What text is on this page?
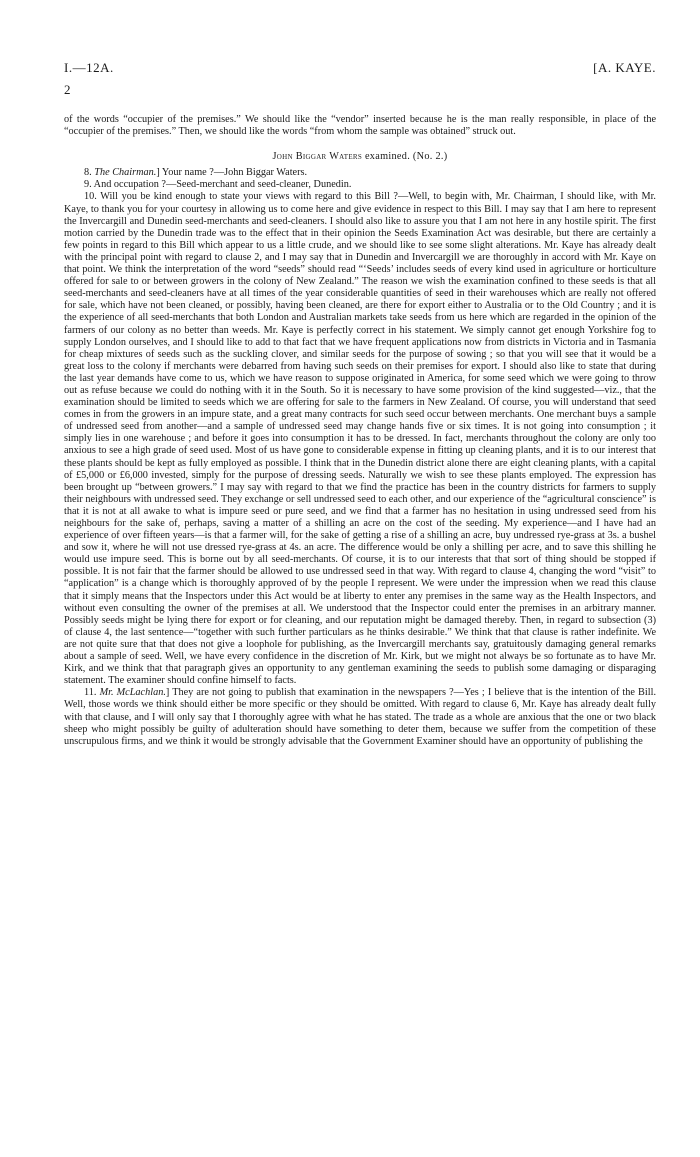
I.—12A.	[A. KAYE.
2

of the words “occupier of the premises.” We should like the “vendor” inserted because he is the man really responsible, in place of the “occupier of the premises.” Then, we should like the words “from whom the sample was obtained” struck out.

John Biggar Waters examined. (No. 2.)

8. The Chairman.] Your name ?—John Biggar Waters.

9. And occupation ?—Seed-merchant and seed-cleaner, Dunedin.

10. Will you be kind enough to state your views with regard to this Bill ?—Well, to begin with, Mr. Chairman, I should like, with Mr. Kaye, to thank you for your courtesy in allowing us to come here and give evidence in respect to this Bill. I may say that I am here to represent the Invercargill and Dunedin seed-merchants and seed-cleaners. I should also like to assure you that I am not here in any hostile spirit. The first motion carried by the Dunedin trade was to the effect that in their opinion the Seeds Examination Act was desirable, but there are certainly a few points in regard to this Bill which appear to us a little crude, and we should like to see some slight alterations. Mr. Kaye has already dealt with the principal point with regard to clause 2, and I may say that in Dunedin and Invercargill we are thoroughly in accord with Mr. Kaye on that point. We think the interpretation of the word “seeds” should read “‘Seeds’ includes seeds of every kind used in agriculture or horticulture offered for sale to or between growers in the colony of New Zealand.” The reason we wish the examination confined to these seeds is that all seed-merchants and seed-cleaners have at all times of the year considerable quantities of seed in their warehouses which are really not offered for sale, which have not been cleaned, or possibly, having been cleaned, are there for export either to Australia or to the Old Country ; and it is the experience of all seed-merchants that both London and Australian markets take seeds from us here which are regarded in the opinion of the farmers of our colony as no better than weeds. Mr. Kaye is perfectly correct in his statement. We simply cannot get enough Yorkshire fog to supply London ourselves, and I should like to add to that fact that we have frequent applications now from districts in Victoria and in Tasmania for cheap mixtures of seeds such as the suckling clover, and similar seeds for the purpose of sowing ; so that you will see that it would be a great loss to the colony if merchants were debarred from having such seeds on their premises for export. I should also like to state that during the last year demands have come to us, which we have reason to suppose originated in America, for some seed which we were going to throw out as refuse because we could do nothing with it in the South. So it is necessary to have some provision of the kind suggested—viz., that the examination should be limited to seeds which we are offering for sale to the farmers in New Zealand. Of course, you will understand that seed comes in from the growers in an impure state, and a great many contracts for such seed occur between merchants. One merchant buys a sample of undressed seed from another—and a sample of undressed seed may change hands five or six times. It is not going into consumption ; it simply lies in one warehouse ; and before it goes into consumption it has to be dressed. In fact, merchants throughout the colony are only too anxious to see a high grade of seed used. Most of us have gone to considerable expense in fitting up cleaning plants, and it is to our interest that these plants should be kept as fully employed as possible. I think that in the Dunedin district alone there are eight cleaning plants, with a capital of £5,000 or £6,000 invested, simply for the purpose of dressing seeds. Naturally we wish to see these plants employed. The expression has been brought up “between growers.” I may say with regard to that we find the practice has been in the country districts for farmers to supply their neighbours with undressed seed. They exchange or sell undressed seed to each other, and our experience of the “agricultural conscience” is that it is not at all awake to what is impure seed or pure seed, and we find that a farmer has no hesitation in using undressed seed from his neighbours for the sake of, perhaps, saving a matter of a shilling an acre on the cost of the seeding. My experience—and I have had an experience of over fifteen years—is that a farmer will, for the sake of getting a rise of a shilling an acre, buy undressed rye-grass at 3s. a bushel and sow it, where he will not use dressed rye-grass at 4s. an acre. The difference would be only a shilling per acre, and to save this shilling he would use impure seed. This is borne out by all seed-merchants. Of course, it is to our interests that that sort of thing should be stopped if possible. It is not fair that the farmer should be allowed to use undressed seed in that way. With regard to clause 4, changing the word “visit” to “application” is a change which is thoroughly approved of by the people I represent. We were under the impression when we read this clause that it simply means that the Inspectors under this Act would be at liberty to enter any premises in the same way as the Health Inspectors, and without even consulting the owner of the premises at all. We understood that the Inspector could enter the premises in an arbitrary manner. Possibly seeds might be lying there for export or for cleaning, and our reputation might be damaged thereby. Then, in regard to subsection (3) of clause 4, the last sentence—“together with such further particulars as he thinks desirable.” We think that that clause is rather indefinite. We are not quite sure that that does not give a loophole for publishing, as the Invercargill merchants say, gratuitously damaging general remarks about a sample of seed. Well, we have every confidence in the discretion of Mr. Kirk, but we might not always be so fortunate as to have Mr. Kirk, and we think that that paragraph gives an opportunity to any gentleman examining the seeds to publish some damaging or disparaging statement. The examiner should confine himself to facts.

11. Mr. McLachlan.] They are not going to publish that examination in the newspapers ?—Yes ; I believe that is the intention of the Bill. Well, those words we think should either be more specific or they should be omitted. With regard to clause 6, Mr. Kaye has already dealt fully with that clause, and I will only say that I thoroughly agree with what he has stated. The trade as a whole are anxious that the one or two black sheep who might possibly be guilty of adulteration should have something to deter them, because we suffer from the competition of these unscrupulous firms, and we think it would be strongly advisable that the Government Examiner should have an opportunity of publishing the
